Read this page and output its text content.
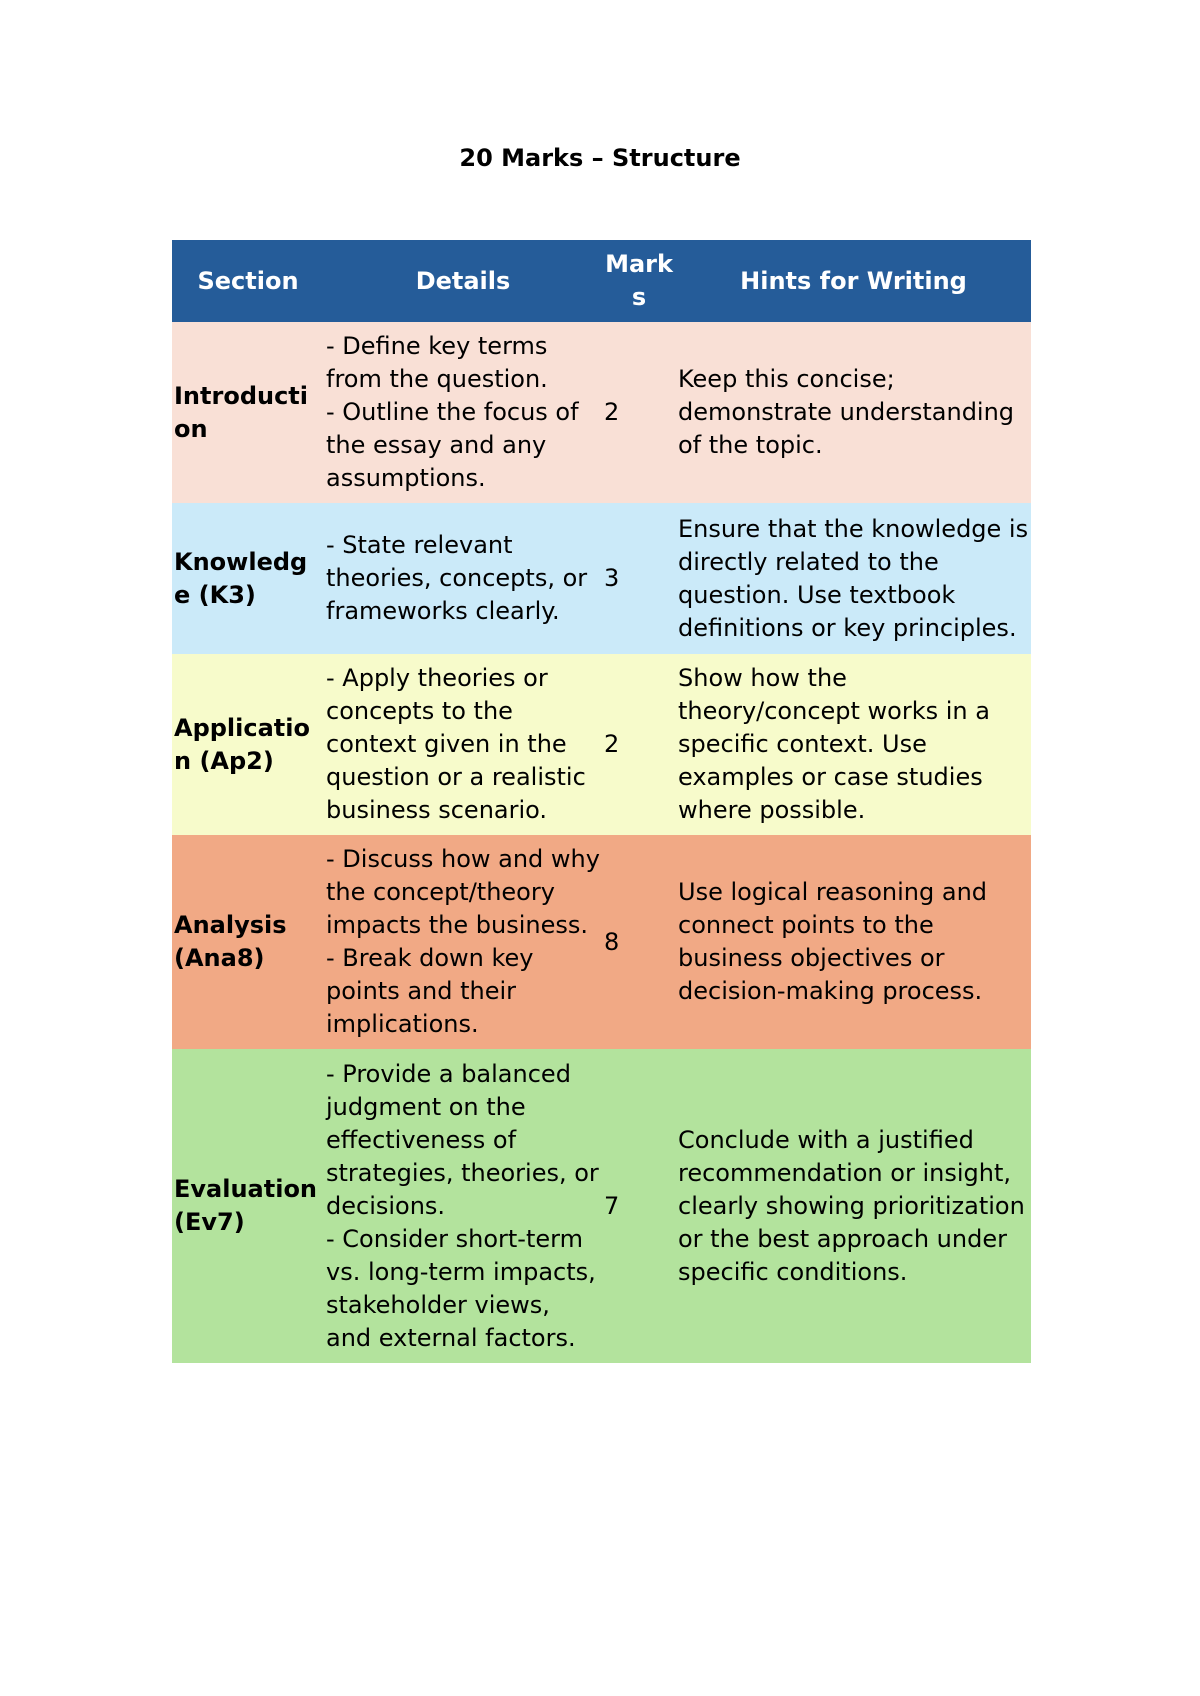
20 Marks – Structure
Section	Details	Marks	Hints for Writing
Introduction	- Define key terms from the question.
- Outline the focus of the essay and any assumptions.	2	Keep this concise; demonstrate understanding of the topic.
Knowledge (K3)	- State relevant theories, concepts, or frameworks clearly.	3	Ensure that the knowledge is directly related to the question. Use textbook definitions or key principles.
Application (Ap2)	- Apply theories or concepts to the context given in the question or a realistic business scenario.	2	Show how the theory/concept works in a specific context. Use examples or case studies where possible.
Analysis (Ana8)	- Discuss how and why the concept/theory impacts the business.
- Break down key points and their implications.	8	Use logical reasoning and connect points to the business objectives or decision-making process.
Evaluation (Ev7)	- Provide a balanced judgment on the effectiveness of strategies, theories, or decisions.
- Consider short-term vs. long-term impacts, stakeholder views, and external factors.	7	Conclude with a justified recommendation or insight, clearly showing prioritization or the best approach under specific conditions.
